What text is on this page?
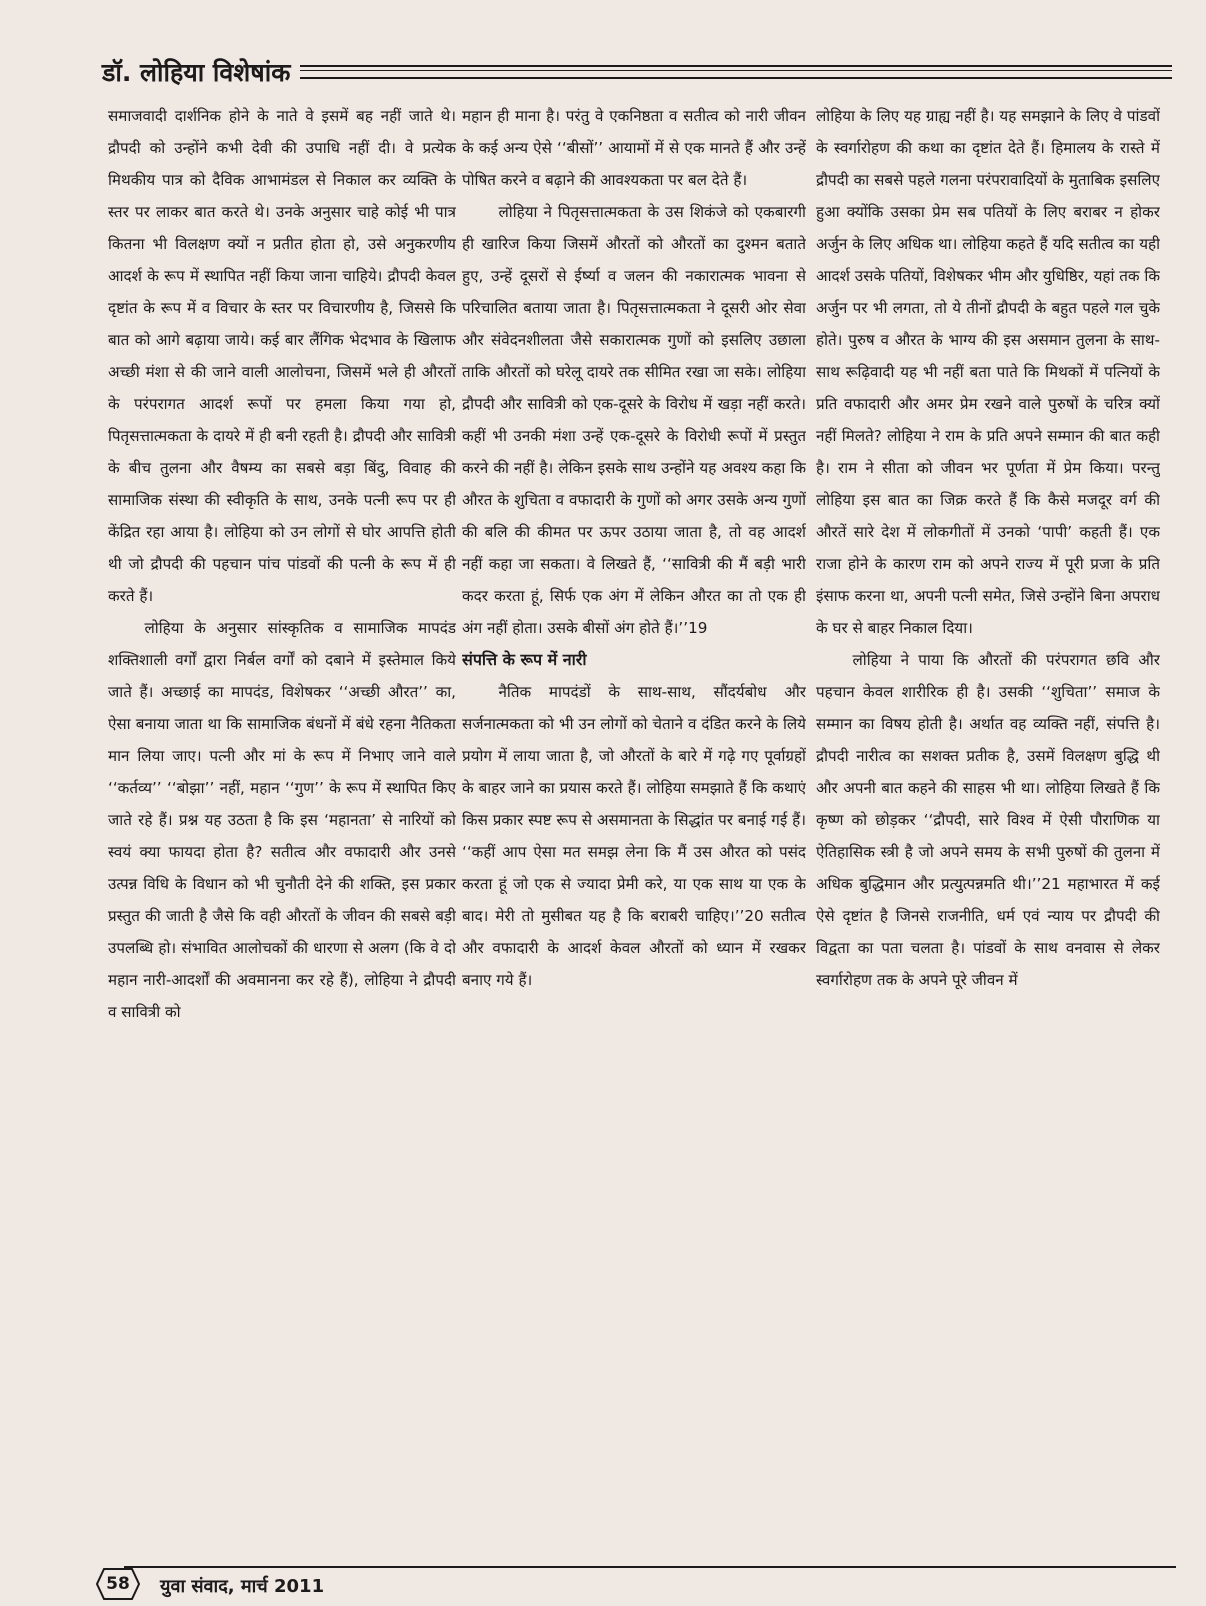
डॉ. लोहिया विशेषांक

समाजवादी दार्शनिक होने के नाते वे इसमें बह नहीं जाते थे। द्रौपदी को उन्होंने कभी देवी की उपाधि नहीं दी। वे प्रत्येक मिथकीय पात्र को दैविक आभामंडल से निकाल कर व्यक्ति के स्तर पर लाकर बात करते थे। उनके अनुसार चाहे कोई भी पात्र कितना भी विलक्षण क्यों न प्रतीत होता हो, उसे अनुकरणीय आदर्श के रूप में स्थापित नहीं किया जाना चाहिये। द्रौपदी केवल दृष्टांत के रूप में व विचार के स्तर पर विचारणीय है, जिससे कि बात को आगे बढ़ाया जाये। कई बार लैंगिक भेदभाव के खिलाफ अच्छी मंशा से की जाने वाली आलोचना, जिसमें भले ही औरतों के परंपरागत आदर्श रूपों पर हमला किया गया हो, पितृसत्तात्मकता के दायरे में ही बनी रहती है। द्रौपदी और सावित्री के बीच तुलना और वैषम्य का सबसे बड़ा बिंदु, विवाह की सामाजिक संस्था की स्वीकृति के साथ, उनके पत्नी रूप पर ही केंद्रित रहा आया है। लोहिया को उन लोगों से घोर आपत्ति होती थी जो द्रौपदी की पहचान पांच पांडवों की पत्नी के रूप में ही करते हैं।

लोहिया के अनुसार सांस्कृतिक व सामाजिक मापदंड शक्तिशाली वर्गों द्वारा निर्बल वर्गों को दबाने में इस्तेमाल किये जाते हैं। अच्छाई का मापदंड, विशेषकर ‘‘अच्छी औरत’’ का, ऐसा बनाया जाता था कि सामाजिक बंधनों में बंधे रहना नैतिकता मान लिया जाए। पत्नी और मां के रूप में निभाए जाने वाले ‘‘कर्तव्य’’ ‘‘बोझा’’ नहीं, महान ‘‘गुण’’ के रूप में स्थापित किए जाते रहे हैं। प्रश्न यह उठता है कि इस ‘महानता’ से नारियों को स्वयं क्या फायदा होता है? सतीत्व और वफादारी और उनसे उत्पन्न विधि के विधान को भी चुनौती देने की शक्ति, इस प्रकार प्रस्तुत की जाती है जैसे कि वही औरतों के जीवन की सबसे बड़ी उपलब्धि हो। संभावित आलोचकों की धारणा से अलग (कि वे दो महान नारी-आदर्शों की अवमानना कर रहे हैं), लोहिया ने द्रौपदी व सावित्री को

महान ही माना है। परंतु वे एकनिष्ठता व सतीत्व को नारी जीवन के कई अन्य ऐसे ‘‘बीसों’’ आयामों में से एक मानते हैं और उन्हें पोषित करने व बढ़ाने की आवश्यकता पर बल देते हैं।

लोहिया ने पितृसत्तात्मकता के उस शिकंजे को एकबारगी ही खारिज किया जिसमें औरतों को औरतों का दुश्मन बताते हुए, उन्हें दूसरों से ईर्ष्या व जलन की नकारात्मक भावना से परिचालित बताया जाता है। पितृसत्तात्मकता ने दूसरी ओर सेवा और संवेदनशीलता जैसे सकारात्मक गुणों को इसलिए उछाला ताकि औरतों को घरेलू दायरे तक सीमित रखा जा सके। लोहिया द्रौपदी और सावित्री को एक-दूसरे के विरोध में खड़ा नहीं करते। कहीं भी उनकी मंशा उन्हें एक-दूसरे के विरोधी रूपों में प्रस्तुत करने की नहीं है। लेकिन इसके साथ उन्होंने यह अवश्य कहा कि औरत के शुचिता व वफादारी के गुणों को अगर उसके अन्य गुणों की बलि की कीमत पर ऊपर उठाया जाता है, तो वह आदर्श नहीं कहा जा सकता। वे लिखते हैं, ‘‘सावित्री की मैं बड़ी भारी कदर करता हूं, सिर्फ एक अंग में लेकिन औरत का तो एक ही अंग नहीं होता। उसके बीसों अंग होते हैं।’’19

संपत्ति के रूप में नारी

नैतिक मापदंडों के साथ-साथ, सौंदर्यबोध और सर्जनात्मकता को भी उन लोगों को चेताने व दंडित करने के लिये प्रयोग में लाया जाता है, जो औरतों के बारे में गढ़े गए पूर्वाग्रहों के बाहर जाने का प्रयास करते हैं। लोहिया समझाते हैं कि कथाएं किस प्रकार स्पष्ट रूप से असमानता के सिद्धांत पर बनाई गई हैं। ‘‘कहीं आप ऐसा मत समझ लेना कि मैं उस औरत को पसंद करता हूं जो एक से ज्यादा प्रेमी करे, या एक साथ या एक के बाद। मेरी तो मुसीबत यह है कि बराबरी चाहिए।’’20 सतीत्व और वफादारी के आदर्श केवल औरतों को ध्यान में रखकर बनाए गये हैं।

लोहिया के लिए यह ग्राह्य नहीं है। यह समझाने के लिए वे पांडवों के स्वर्गारोहण की कथा का दृष्टांत देते हैं। हिमालय के रास्ते में द्रौपदी का सबसे पहले गलना परंपरावादियों के मुताबिक इसलिए हुआ क्योंकि उसका प्रेम सब पतियों के लिए बराबर न होकर अर्जुन के लिए अधिक था। लोहिया कहते हैं यदि सतीत्व का यही आदर्श उसके पतियों, विशेषकर भीम और युधिष्ठिर, यहां तक कि अर्जुन पर भी लगता, तो ये तीनों द्रौपदी के बहुत पहले गल चुके होते। पुरुष व औरत के भाग्य की इस असमान तुलना के साथ-साथ रूढ़िवादी यह भी नहीं बता पाते कि मिथकों में पत्नियों के प्रति वफादारी और अमर प्रेम रखने वाले पुरुषों के चरित्र क्यों नहीं मिलते? लोहिया ने राम के प्रति अपने सम्मान की बात कही है। राम ने सीता को जीवन भर पूर्णता में प्रेम किया। परन्तु लोहिया इस बात का जिक्र करते हैं कि कैसे मजदूर वर्ग की औरतें सारे देश में लोकगीतों में उनको ‘पापी’ कहती हैं। एक राजा होने के कारण राम को अपने राज्य में पूरी प्रजा के प्रति इंसाफ करना था, अपनी पत्नी समेत, जिसे उन्होंने बिना अपराध के घर से बाहर निकाल दिया।

लोहिया ने पाया कि औरतों की परंपरागत छवि और पहचान केवल शारीरिक ही है। उसकी ‘‘शुचिता’’ समाज के सम्मान का विषय होती है। अर्थात वह व्यक्ति नहीं, संपत्ति है। द्रौपदी नारीत्व का सशक्त प्रतीक है, उसमें विलक्षण बुद्धि थी और अपनी बात कहने की साहस भी था। लोहिया लिखते हैं कि कृष्ण को छोड़कर ‘‘द्रौपदी, सारे विश्व में ऐसी पौराणिक या ऐतिहासिक स्त्री है जो अपने समय के सभी पुरुषों की तुलना में अधिक बुद्धिमान और प्रत्युत्पन्नमति थी।’’21 महाभारत में कई ऐसे दृष्टांत है जिनसे राजनीति, धर्म एवं न्याय पर द्रौपदी की विद्वता का पता चलता है। पांडवों के साथ वनवास से लेकर स्वर्गारोहण तक के अपने पूरे जीवन में

58	युवा संवाद, मार्च 2011
